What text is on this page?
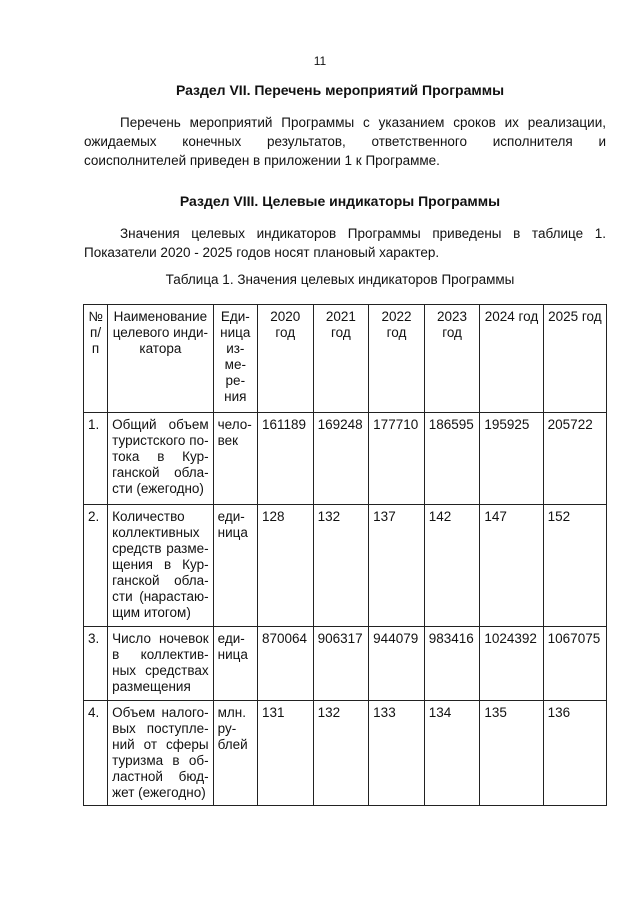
11
Раздел VII. Перечень мероприятий Программы
Перечень мероприятий Программы с указанием сроков их реализации, ожидаемых конечных результатов, ответственного исполнителя и
соисполнителей приведен в приложении 1 к Программе.
Раздел VIII. Целевые индикаторы Программы
Значения целевых индикаторов Программы приведены в таблице 1.
Показатели 2020 - 2025 годов носят плановый характер.
Таблица 1. Значения целевых индикаторов Программы
№ п/п	Наименование целевого инди- катора	Еди- ница из- ме- ре- ния	2020 год	2021 год	2022 год	2023 год	2024 год	2025 год
1.	Общий объем туристского по- тока в Кур- ганской обла- сти (ежегодно)	чело- век	161189	169248	177710	186595	195925	205722
2.	Количество коллективных средств разме- щения в Кур- ганской обла- сти (нарастаю- щим итогом)	еди- ница	128	132	137	142	147	152
3.	Число ночевок в коллектив- ных средствах размещения	еди- ница	870064	906317	944079	983416	1024392	1067075
4.	Объем налого- вых поступле- ний от сферы туризма в об- ластной бюд- жет (ежегодно)	млн. ру- блей	131	132	133	134	135	136
